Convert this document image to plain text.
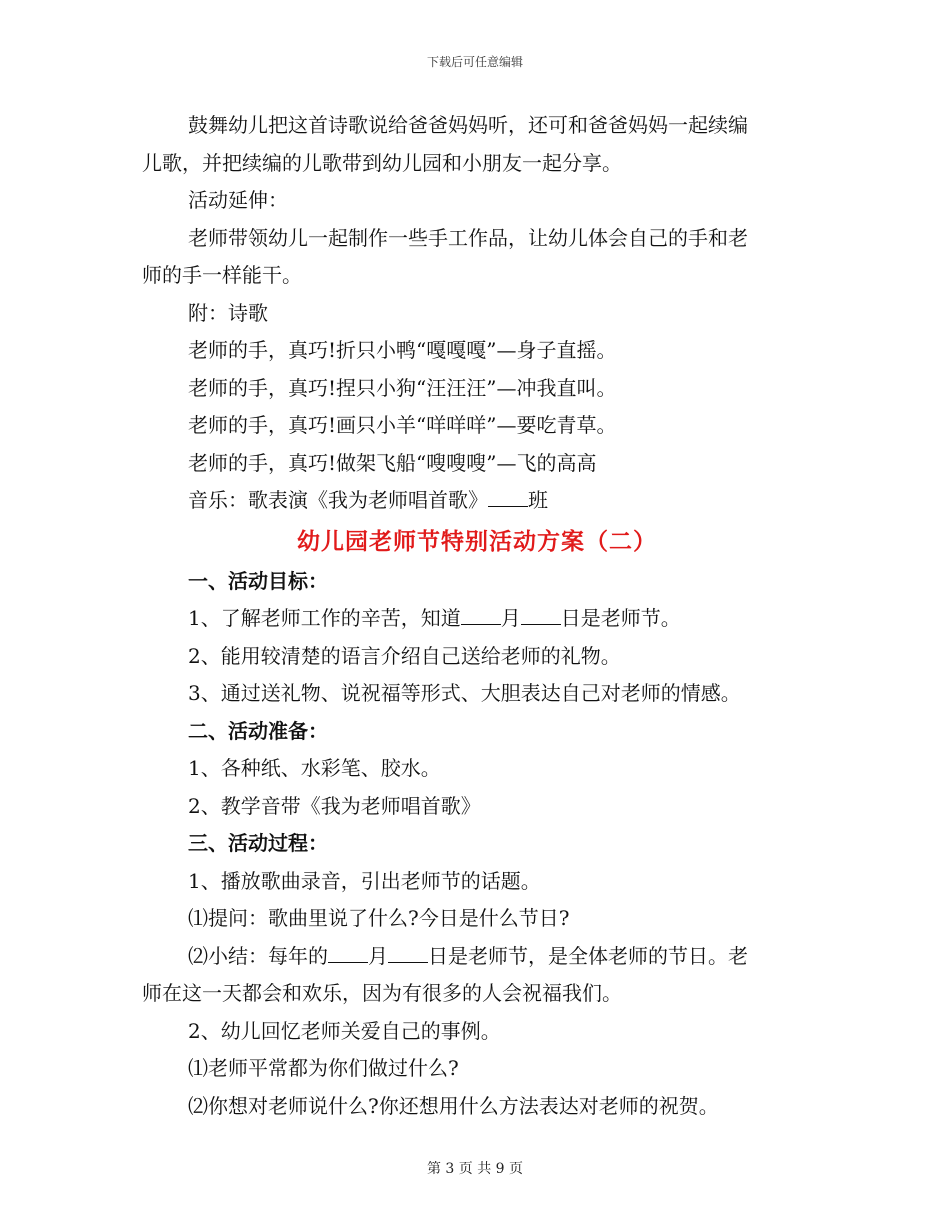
下载后可任意编辑

鼓舞幼儿把这首诗歌说给爸爸妈妈听，还可和爸爸妈妈一起续编

儿歌，并把续编的儿歌带到幼儿园和小朋友一起分享。

活动延伸：

老师带领幼儿一起制作一些手工作品，让幼儿体会自己的手和老

师的手一样能干。

附：诗歌

老师的手，真巧!折只小鸭“嘎嘎嘎”—身子直摇。

老师的手，真巧!捏只小狗“汪汪汪”—冲我直叫。

老师的手，真巧!画只小羊“咩咩咩”—要吃青草。

老师的手，真巧!做架飞船“嗖嗖嗖”—飞的高高

音乐：歌表演《我为老师唱首歌》 班

幼儿园老师节特别活动方案（二）

一、活动目标：

1、了解老师工作的辛苦，知道 月 日是老师节。

2、能用较清楚的语言介绍自己送给老师的礼物。

3、通过送礼物、说祝福等形式、大胆表达自己对老师的情感。

二、活动准备：

1、各种纸、水彩笔、胶水。

2、教学音带《我为老师唱首歌》

三、活动过程：

1、播放歌曲录音，引出老师节的话题。

⑴提问：歌曲里说了什么?今日是什么节日?

⑵小结：每年的 月 日是老师节，是全体老师的节日。老

师在这一天都会和欢乐，因为有很多的人会祝福我们。

2、幼儿回忆老师关爱自己的事例。

⑴老师平常都为你们做过什么?

⑵你想对老师说什么?你还想用什么方法表达对老师的祝贺。

第 3 页 共 9 页
